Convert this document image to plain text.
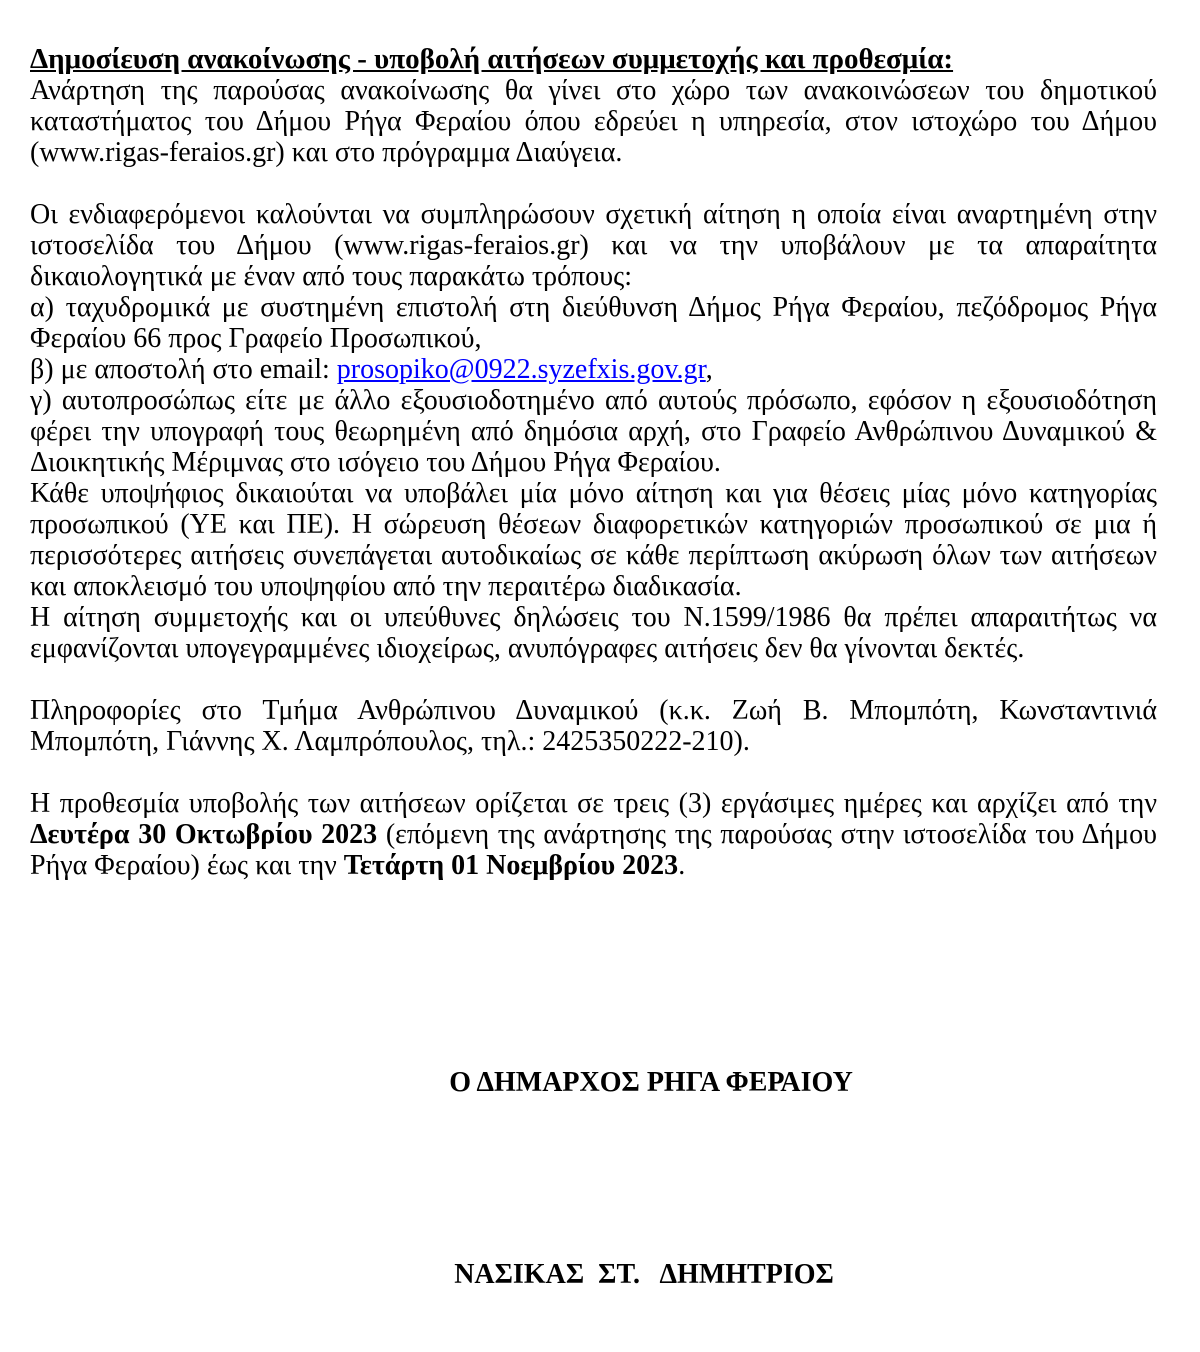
Δημοσίευση ανακοίνωσης - υποβολή αιτήσεων συμμετοχής και προθεσμία:

Ανάρτηση της παρούσας ανακοίνωσης θα γίνει στο χώρο των ανακοινώσεων του δημοτικού καταστήματος του Δήμου Ρήγα Φεραίου όπου εδρεύει η υπηρεσία, στον ιστοχώρο του Δήμου (www.rigas-feraios.gr) και στο πρόγραμμα Διαύγεια.

Οι ενδιαφερόμενοι καλούνται να συμπληρώσουν σχετική αίτηση η οποία είναι αναρτημένη στην ιστοσελίδα του Δήμου (www.rigas-feraios.gr) και να την υποβάλουν με τα απαραίτητα δικαιολογητικά με έναν από τους παρακάτω τρόπους:

α) ταχυδρομικά με συστημένη επιστολή στη διεύθυνση Δήμος Ρήγα Φεραίου, πεζόδρομος Ρήγα Φεραίου 66 προς Γραφείο Προσωπικού,

β) με αποστολή στο email: prosopiko@0922.syzefxis.gov.gr,

γ) αυτοπροσώπως είτε με άλλο εξουσιοδοτημένο από αυτούς πρόσωπο, εφόσον η εξουσιοδότηση φέρει την υπογραφή τους θεωρημένη από δημόσια αρχή, στο Γραφείο Ανθρώπινου Δυναμικού & Διοικητικής Μέριμνας στο ισόγειο του Δήμου Ρήγα Φεραίου.

Κάθε υποψήφιος δικαιούται να υποβάλει μία μόνο αίτηση και για θέσεις μίας μόνο κατηγορίας προσωπικού (ΥΕ και ΠΕ). Η σώρευση θέσεων διαφορετικών κατηγοριών προσωπικού σε μια ή περισσότερες αιτήσεις συνεπάγεται αυτοδικαίως σε κάθε περίπτωση ακύρωση όλων των αιτήσεων και αποκλεισμό του υποψηφίου από την περαιτέρω διαδικασία.

Η αίτηση συμμετοχής και οι υπεύθυνες δηλώσεις του Ν.1599/1986 θα πρέπει απαραιτήτως να εμφανίζονται υπογεγραμμένες ιδιοχείρως, ανυπόγραφες αιτήσεις δεν θα γίνονται δεκτές.

Πληροφορίες στο Τμήμα Ανθρώπινου Δυναμικού (κ.κ. Ζωή Β. Μπομπότη, Κωνσταντινιά Μπομπότη, Γιάννης Χ. Λαμπρόπουλος, τηλ.: 2425350222-210).

Η προθεσμία υποβολής των αιτήσεων ορίζεται σε τρεις (3) εργάσιμες ημέρες και αρχίζει από την Δευτέρα 30 Οκτωβρίου 2023 (επόμενη της ανάρτησης της παρούσας στην ιστοσελίδα του Δήμου Ρήγα Φεραίου) έως και την Τετάρτη 01 Νοεμβρίου 2023.

Ο ΔΗΜΑΡΧΟΣ ΡΗΓΑ ΦΕΡΑΙΟΥ

ΝΑΣΙΚΑΣ  ΣΤ.   ΔΗΜΗΤΡΙΟΣ
